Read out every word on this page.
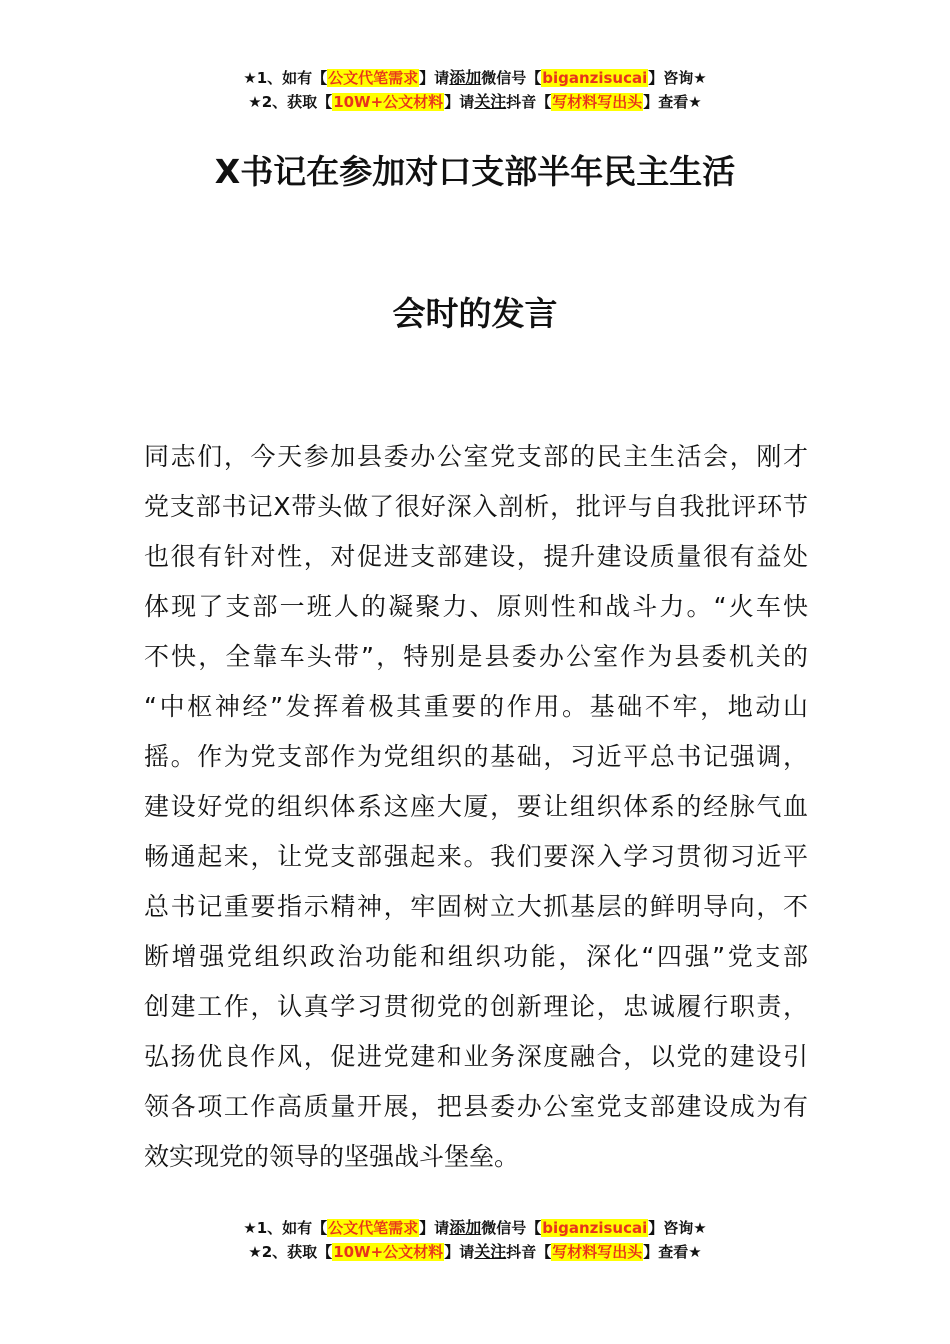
★1、如有【公文代笔需求】请添加微信号【biganzisucai】咨询★
★2、获取【10W+公文材料】请关注抖音【写材料写出头】查看★
X书记在参加对口支部半年民主生活
会时的发言
同志们，今天参加县委办公室党支部的民主生活会，刚才
党支部书记X带头做了很好深入剖析，批评与自我批评环节
也很有针对性，对促进支部建设，提升建设质量很有益处
体现了支部一班人的凝聚力、原则性和战斗力。“火车快
不快，全靠车头带”，特别是县委办公室作为县委机关的
“中枢神经”发挥着极其重要的作用。基础不牢，地动山
摇。作为党支部作为党组织的基础，习近平总书记强调，
建设好党的组织体系这座大厦，要让组织体系的经脉气血
畅通起来，让党支部强起来。我们要深入学习贯彻习近平
总书记重要指示精神，牢固树立大抓基层的鲜明导向，不
断增强党组织政治功能和组织功能，深化“四强”党支部
创建工作，认真学习贯彻党的创新理论，忠诚履行职责，
弘扬优良作风，促进党建和业务深度融合，以党的建设引
领各项工作高质量开展，把县委办公室党支部建设成为有
效实现党的领导的坚强战斗堡垒。
★1、如有【公文代笔需求】请添加微信号【biganzisucai】咨询★
★2、获取【10W+公文材料】请关注抖音【写材料写出头】查看★
